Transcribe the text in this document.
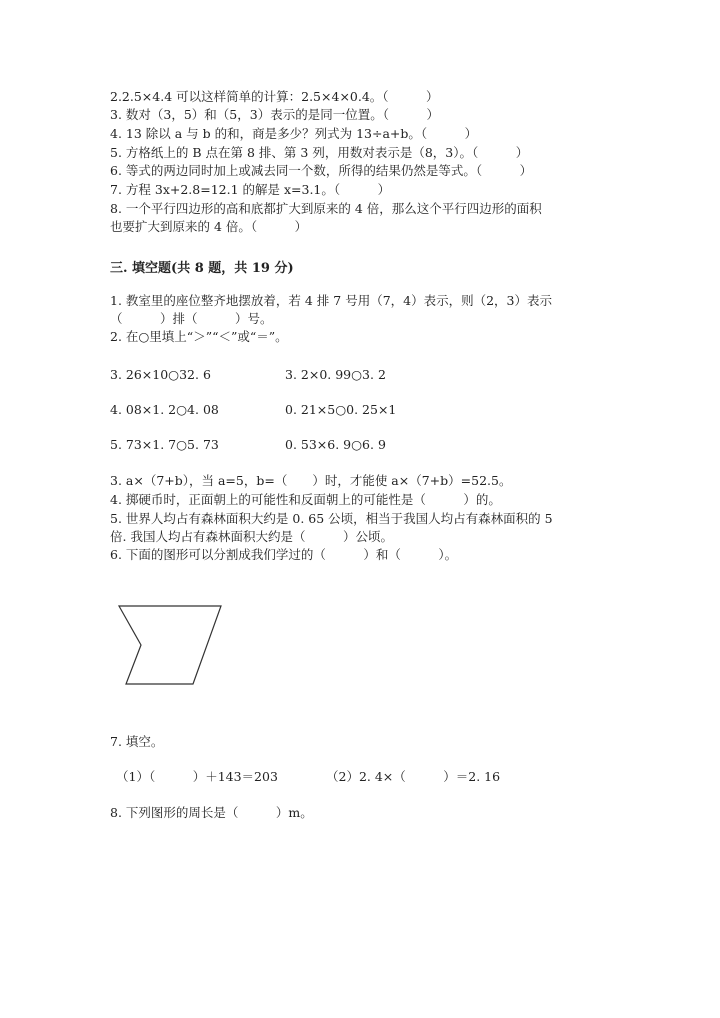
2.2.5×4.4 可以这样简单的计算：2.5×4×0.4。（　　　）
3. 数对（3，5）和（5，3）表示的是同一位置。（　　　）
4. 13 除以 a 与 b 的和，商是多少？列式为 13÷a+b。（　　　）
5. 方格纸上的 B 点在第 8 排、第 3 列，用数对表示是（8，3）。（　　　）
6. 等式的两边同时加上或减去同一个数，所得的结果仍然是等式。（　　　）
7. 方程 3x+2.8=12.1 的解是 x=3.1。（　　　）
8. 一个平行四边形的高和底都扩大到原来的 4 倍，那么这个平行四边形的面积
也要扩大到原来的 4 倍。（　　　）
三. 填空题(共 8 题，共 19 分)
1. 教室里的座位整齐地摆放着，若 4 排 7 号用（7，4）表示，则（2，3）表示
（　　　）排（　　　）号。
2. 在○里填上“＞”“＜”或“＝”。
3. 26×10○32. 6	3. 2×0. 99○3. 2
4. 08×1. 2○4. 08	0. 21×5○0. 25×1
5. 73×1. 7○5. 73	0. 53×6. 9○6. 9
3. a×（7+b），当 a=5，b=（　　）时，才能使 a×（7+b）=52.5。
4. 掷硬币时，正面朝上的可能性和反面朝上的可能性是（　　　）的。
5. 世界人均占有森林面积大约是 0. 65 公顷，相当于我国人均占有森林面积的 5
倍. 我国人均占有森林面积大约是（　　　）公顷。
6. 下面的图形可以分割成我们学过的（　　　）和（　　　）。
7. 填空。
（1）（　　　）＋143＝203	（2）2. 4×（　　　）＝2. 16
8. 下列图形的周长是（　　　）m。
